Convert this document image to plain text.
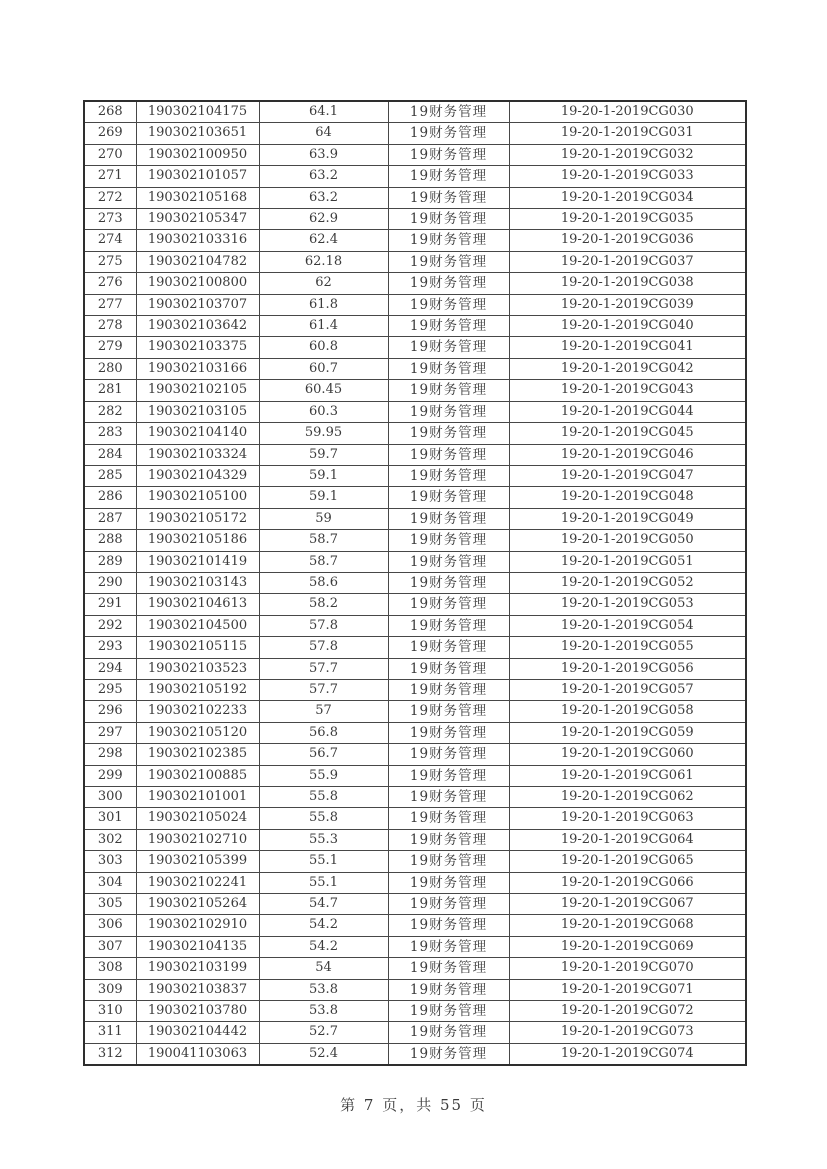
268	190302104175	64.1	19财务管理	19-20-1-2019CG030
269	190302103651	64	19财务管理	19-20-1-2019CG031
270	190302100950	63.9	19财务管理	19-20-1-2019CG032
271	190302101057	63.2	19财务管理	19-20-1-2019CG033
272	190302105168	63.2	19财务管理	19-20-1-2019CG034
273	190302105347	62.9	19财务管理	19-20-1-2019CG035
274	190302103316	62.4	19财务管理	19-20-1-2019CG036
275	190302104782	62.18	19财务管理	19-20-1-2019CG037
276	190302100800	62	19财务管理	19-20-1-2019CG038
277	190302103707	61.8	19财务管理	19-20-1-2019CG039
278	190302103642	61.4	19财务管理	19-20-1-2019CG040
279	190302103375	60.8	19财务管理	19-20-1-2019CG041
280	190302103166	60.7	19财务管理	19-20-1-2019CG042
281	190302102105	60.45	19财务管理	19-20-1-2019CG043
282	190302103105	60.3	19财务管理	19-20-1-2019CG044
283	190302104140	59.95	19财务管理	19-20-1-2019CG045
284	190302103324	59.7	19财务管理	19-20-1-2019CG046
285	190302104329	59.1	19财务管理	19-20-1-2019CG047
286	190302105100	59.1	19财务管理	19-20-1-2019CG048
287	190302105172	59	19财务管理	19-20-1-2019CG049
288	190302105186	58.7	19财务管理	19-20-1-2019CG050
289	190302101419	58.7	19财务管理	19-20-1-2019CG051
290	190302103143	58.6	19财务管理	19-20-1-2019CG052
291	190302104613	58.2	19财务管理	19-20-1-2019CG053
292	190302104500	57.8	19财务管理	19-20-1-2019CG054
293	190302105115	57.8	19财务管理	19-20-1-2019CG055
294	190302103523	57.7	19财务管理	19-20-1-2019CG056
295	190302105192	57.7	19财务管理	19-20-1-2019CG057
296	190302102233	57	19财务管理	19-20-1-2019CG058
297	190302105120	56.8	19财务管理	19-20-1-2019CG059
298	190302102385	56.7	19财务管理	19-20-1-2019CG060
299	190302100885	55.9	19财务管理	19-20-1-2019CG061
300	190302101001	55.8	19财务管理	19-20-1-2019CG062
301	190302105024	55.8	19财务管理	19-20-1-2019CG063
302	190302102710	55.3	19财务管理	19-20-1-2019CG064
303	190302105399	55.1	19财务管理	19-20-1-2019CG065
304	190302102241	55.1	19财务管理	19-20-1-2019CG066
305	190302105264	54.7	19财务管理	19-20-1-2019CG067
306	190302102910	54.2	19财务管理	19-20-1-2019CG068
307	190302104135	54.2	19财务管理	19-20-1-2019CG069
308	190302103199	54	19财务管理	19-20-1-2019CG070
309	190302103837	53.8	19财务管理	19-20-1-2019CG071
310	190302103780	53.8	19财务管理	19-20-1-2019CG072
311	190302104442	52.7	19财务管理	19-20-1-2019CG073
312	190041103063	52.4	19财务管理	19-20-1-2019CG074
第 7 页，共 55 页
